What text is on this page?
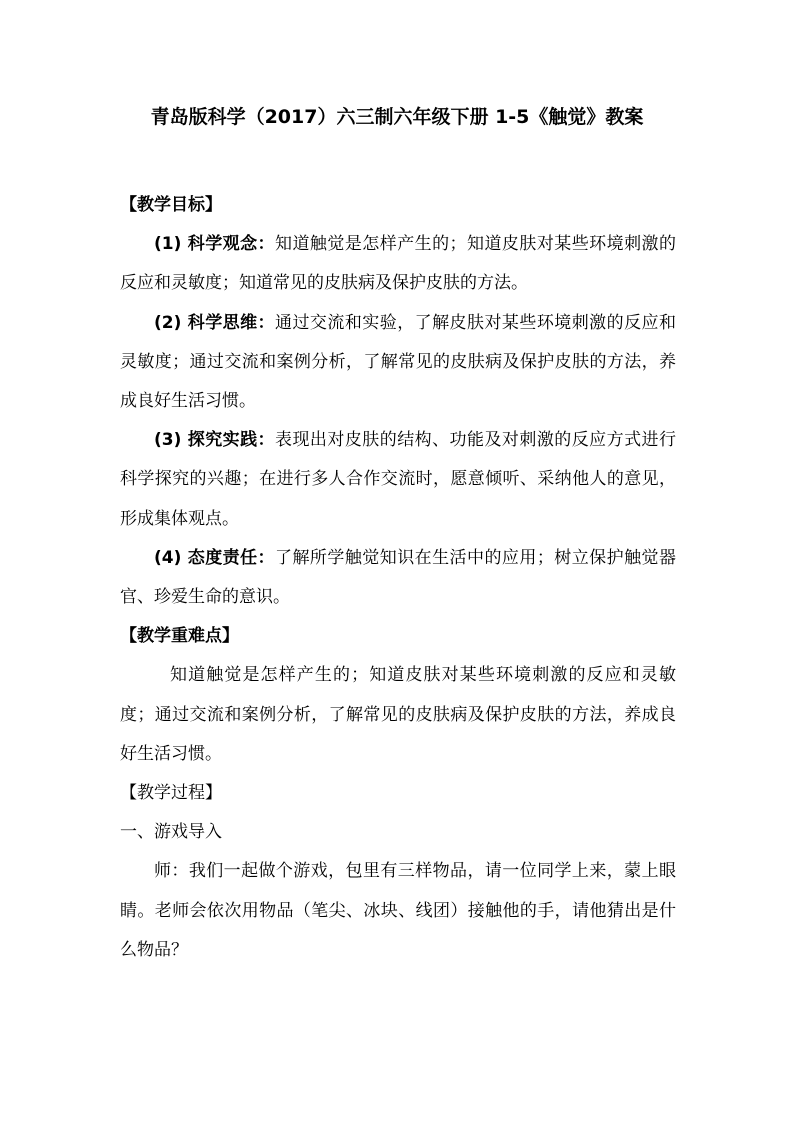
青岛版科学（2017）六三制六年级下册 1-5《触觉》教案

【教学目标】

(1) 科学观念：知道触觉是怎样产生的；知道皮肤对某些环境刺激的反应和灵敏度；知道常见的皮肤病及保护皮肤的方法。

(2) 科学思维：通过交流和实验，了解皮肤对某些环境刺激的反应和灵敏度；通过交流和案例分析，了解常见的皮肤病及保护皮肤的方法，养成良好生活习惯。

(3) 探究实践：表现出对皮肤的结构、功能及对刺激的反应方式进行科学探究的兴趣；在进行多人合作交流时，愿意倾听、采纳他人的意见，形成集体观点。

(4) 态度责任：了解所学触觉知识在生活中的应用；树立保护触觉器官、珍爱生命的意识。

【教学重难点】

知道触觉是怎样产生的；知道皮肤对某些环境刺激的反应和灵敏度；通过交流和案例分析，了解常见的皮肤病及保护皮肤的方法，养成良好生活习惯。

【教学过程】

一、游戏导入

师：我们一起做个游戏，包里有三样物品，请一位同学上来，蒙上眼睛。老师会依次用物品（笔尖、冰块、线团）接触他的手，请他猜出是什么物品？
